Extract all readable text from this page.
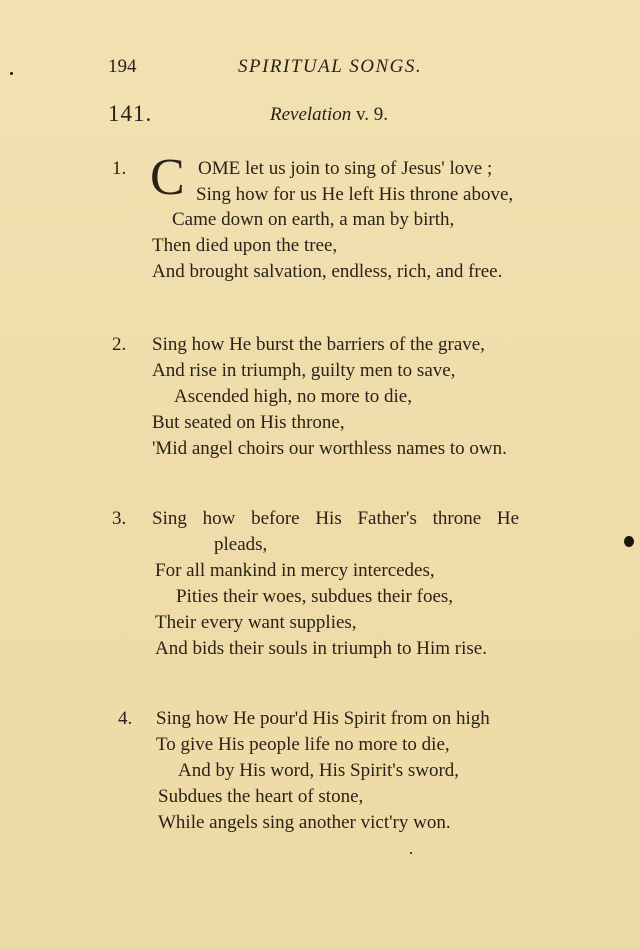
194	SPIRITUAL SONGS.
141.	Revelation v. 9.
1. C OME let us join to sing of Jesus' love ;
Sing how for us He left His throne above,
Came down on earth, a man by birth,
Then died upon the tree,
And brought salvation, endless, rich, and free.
2. Sing how He burst the barriers of the grave,
And rise in triumph, guilty men to save,
Ascended high, no more to die,
But seated on His throne,
'Mid angel choirs our worthless names to own.
3. Sing how before His Father's throne He
pleads,
For all mankind in mercy intercedes,
Pities their woes, subdues their foes,
Their every want supplies,
And bids their souls in triumph to Him rise.
4. Sing how He pour'd His Spirit from on high
To give His people life no more to die,
And by His word, His Spirit's sword,
Subdues the heart of stone,
While angels sing another vict'ry won.
